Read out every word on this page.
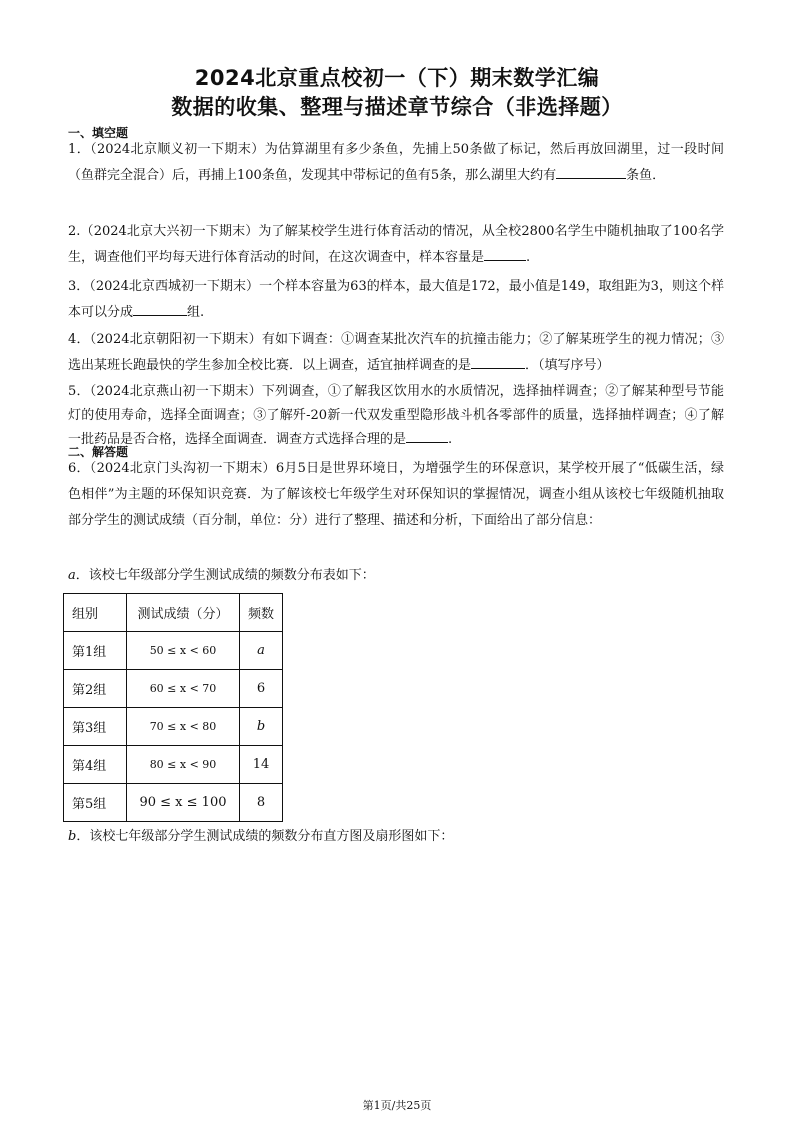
2024北京重点校初一（下）期末数学汇编
数据的收集、整理与描述章节综合（非选择题）
一、填空题
1．（2024北京顺义初一下期末）为估算湖里有多少条鱼，先捕上50条做了标记，然后再放回湖里，过一段时间（鱼群完全混合）后，再捕上100条鱼，发现其中带标记的鱼有5条，那么湖里大约有	条鱼．
2.（2024北京大兴初一下期末）为了解某校学生进行体育活动的情况，从全校2800名学生中随机抽取了100名学生，调查他们平均每天进行体育活动的时间，在这次调查中，样本容量是	.
3．（2024北京西城初一下期末）一个样本容量为63的样本，最大值是172，最小值是149，取组距为3，则这个样本可以分成	组.
4．（2024北京朝阳初一下期末）有如下调查：①调查某批次汽车的抗撞击能力；②了解某班学生的视力情况；③选出某班长跑最快的学生参加全校比赛．以上调查，适宜抽样调查的是	．（填写序号）
5．（2024北京燕山初一下期末）下列调查，①了解我区饮用水的水质情况，选择抽样调查；②了解某种型号节能灯的使用寿命，选择全面调查；③了解歼-20新一代双发重型隐形战斗机各零部件的质量，选择抽样调查；④了解一批药品是否合格，选择全面调查．调查方式选择合理的是	.
二、解答题
6．（2024北京门头沟初一下期末）6月5日是世界环境日，为增强学生的环保意识，某学校开展了“低碳生活，绿色相伴”为主题的环保知识竞赛．为了解该校七年级学生对环保知识的掌握情况，调查小组从该校七年级随机抽取部分学生的测试成绩（百分制，单位：分）进行了整理、描述和分析，下面给出了部分信息：
a．该校七年级部分学生测试成绩的频数分布表如下：
组别	测试成绩（分）	频数
第1组	50 ≤ x < 60	a
第2组	60 ≤ x < 70	6
第3组	70 ≤ x < 80	b
第4组	80 ≤ x < 90	14
第5组	90 ≤ x ≤ 100	8
b．该校七年级部分学生测试成绩的频数分布直方图及扇形图如下：
第1页/共25页
